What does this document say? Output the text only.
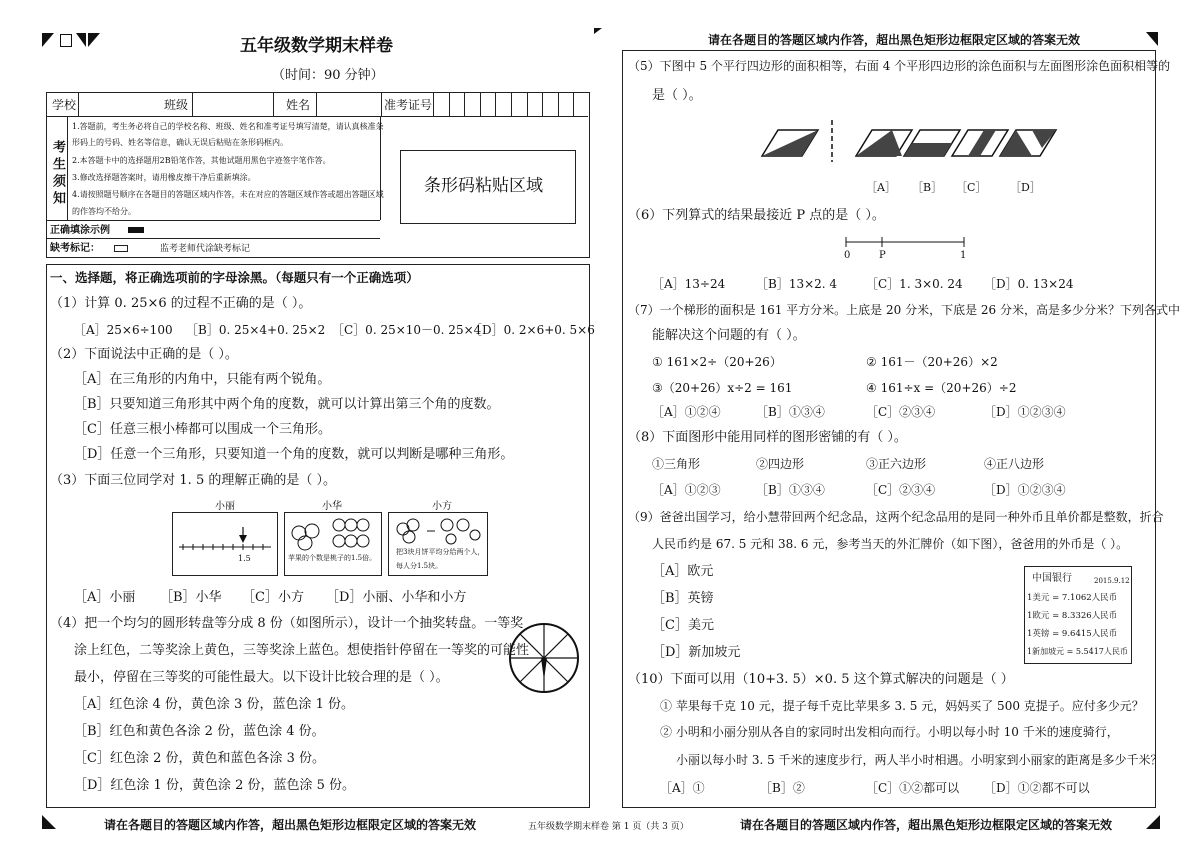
五年级数学期末样卷
（时间：90 分钟）
请在各题目的答题区域内作答，超出黑色矩形边框限定区域的答案无效
学校	班级	姓名	准考证号
考生须知
1.答题前，考生务必将自己的学校名称、班级、姓名和准考证号填写清楚，请认真核准条
形码上的号码、姓名等信息，确认无误后粘贴在条形码框内。
2.本答题卡中的选择题用2B铅笔作答，其他试题用黑色字迹签字笔作答。
3.修改选择题答案时，请用橡皮擦干净后重新填涂。
4.请按照题号顺序在各题目的答题区域内作答，未在对应的答题区域作答或超出答题区域
的作答均不给分。
条形码粘贴区域
正确填涂示例
缺考标记：	监考老师代涂缺考标记
一、选择题，将正确选项前的字母涂黑。（每题只有一个正确选项）
（1）计算 0. 25×6 的过程不正确的是（ ）。
［A］25×6÷100 ［B］0. 25×4+0. 25×2 ［C］0. 25×10－0. 25×4
［D］0. 2×6+0. 5×6
（2）下面说法中正确的是（ ）。
［A］在三角形的内角中，只能有两个锐角。
［B］只要知道三角形其中两个角的度数，就可以计算出第三个角的度数。
［C］任意三根小棒都可以围成一个三角形。
［D］任意一个三角形，只要知道一个角的度数，就可以判断是哪种三角形。
（3）下面三位同学对 1. 5 的理解正确的是（ ）。
小丽	小华	小方
1.5	苹果的个数是桃子的1.5倍。
把3块月饼平均分给两个人，
每人分1.5块。
［A］小丽 ［B］小华 ［C］小方 ［D］小丽、小华和小方
（4）把一个均匀的圆形转盘等分成 8 份（如图所示），设计一个抽奖转盘。一等奖
涂上红色，二等奖涂上黄色，三等奖涂上蓝色。想使指针停留在一等奖的可能性
最小，停留在三等奖的可能性最大。以下设计比较合理的是（ ）。
［A］红色涂 4 份，黄色涂 3 份，蓝色涂 1 份。
［B］红色和黄色各涂 2 份，蓝色涂 4 份。
［C］红色涂 2 份，黄色和蓝色各涂 3 份。
［D］红色涂 1 份，黄色涂 2 份，蓝色涂 5 份。
（5）下图中 5 个平行四边形的面积相等，右面 4 个平形四边形的涂色面积与左面图形涂色面积相等的
是（ ）。
［A］ ［B］ ［C］ ［D］
（6）下列算式的结果最接近 P 点的是（ ）。
0	P	1
［A］13÷24	［B］13×2. 4 ［C］1. 3×0. 24 ［D］0. 13×24
（7）一个梯形的面积是 161 平方分米。上底是 20 分米，下底是 26 分米，高是多少分米？下列各式中
能解决这个问题的有（ ）。
① 161×2÷（20+26）	② 161－（20+26）×2
③（20+26）x÷2 = 161	④ 161÷x =（20+26）÷2
［A］①②④	［B］①③④	［C］②③④	［D］①②③④
（8）下面图形中能用同样的图形密铺的有（ ）。
①三角形	②四边形	③正六边形	④正八边形
［A］①②③	［B］①③④	［C］②③④	［D］①②③④
（9）爸爸出国学习，给小慧带回两个纪念品，这两个纪念品用的是同一种外币且单价都是整数，折合
人民币约是 67. 5 元和 38. 6 元，参考当天的外汇牌价（如下图），爸爸用的外币是（ ）。
［A］欧元
［B］英镑
［C］美元
［D］新加坡元
中国银行	2015.9.12
1美元 = 7.1062人民币
1欧元 = 8.3326人民币
1英镑 = 9.6415人民币
1新加坡元 = 5.5417人民币
（10）下面可以用（10+3. 5）×0. 5 这个算式解决的问题是（ ）
① 苹果每千克 10 元，提子每千克比苹果多 3. 5 元，妈妈买了 500 克提子。应付多少元？
② 小明和小丽分别从各自的家同时出发相向而行。小明以每小时 10 千米的速度骑行，
小丽以每小时 3. 5 千米的速度步行，两人半小时相遇。小明家到小丽家的距离是多少千米？
［A］①	［B］②	［C］①②都可以 ［D］①②都不可以
请在各题目的答题区域内作答，超出黑色矩形边框限定区域的答案无效	五年级数学期末样卷 第 1 页（共 3 页）	请在各题目的答题区域内作答，超出黑色矩形边框限定区域的答案无效
